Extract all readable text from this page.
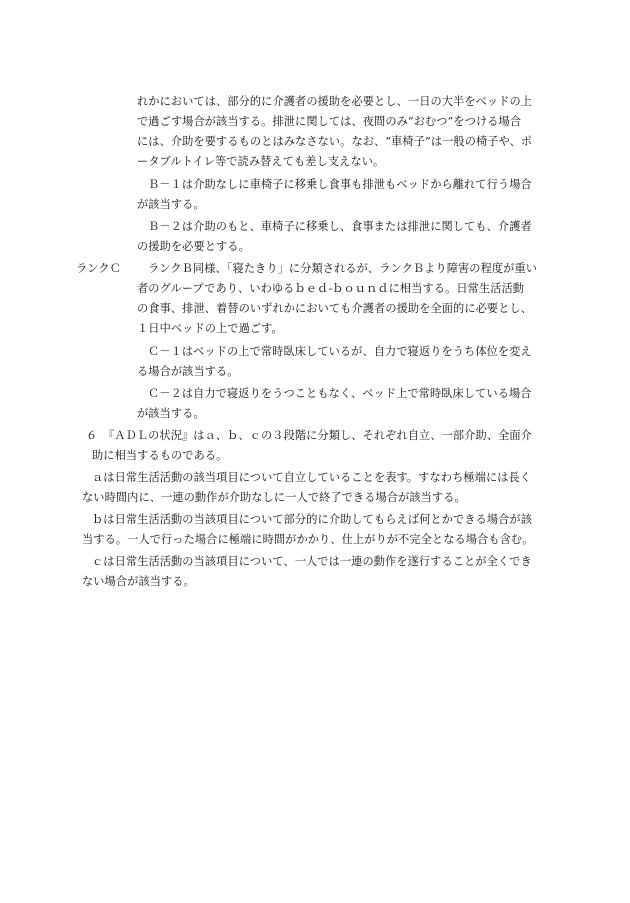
れかにおいては、部分的に介護者の援助を必要とし、一日の大半をベッドの上
で過ごす場合が該当する。排泄に関しては、夜間のみ“おむつ”をつける場合
には、介助を要するものとはみなさない。なお、“車椅子”は一般の椅子や、ポ
ータブルトイレ等で読み替えても差し支えない。
Ｂ－１は介助なしに車椅子に移乗し食事も排泄もベッドから離れて行う場合
が該当する。
Ｂ－２は介助のもと、車椅子に移乗し、食事または排泄に関しても、介護者
の援助を必要とする。
ランクＣ ランクＢ同様、「寝たきり」に分類されるが、ランクＢより障害の程度が重い
者のグループであり、いわゆるｂｅｄ‐ｂｏｕｎｄに相当する。日常生活活動
の食事、排泄、着替のいずれかにおいても介護者の援助を全面的に必要とし、
１日中ベッドの上で過ごす。
Ｃ－１はベッドの上で常時臥床しているが、自力で寝返りをうち体位を変え
る場合が該当する。
Ｃ－２は自力で寝返りをうつこともなく、ベッド上で常時臥床している場合
が該当する。
６　『ＡＤＬの状況』はａ、ｂ、ｃの３段階に分類し、それぞれ自立、一部介助、全面介
助に相当するものである。
ａは日常生活活動の該当項目について自立していることを表す。すなわち極端には長く
ない時間内に、一連の動作が介助なしに一人で終了できる場合が該当する。
ｂは日常生活活動の当該項目について部分的に介助してもらえば何とかできる場合が該
当する。一人で行った場合に極端に時間がかかり、仕上がりが不完全となる場合も含む。
ｃは日常生活活動の当該項目について、一人では一連の動作を遂行することが全くでき
ない場合が該当する。
